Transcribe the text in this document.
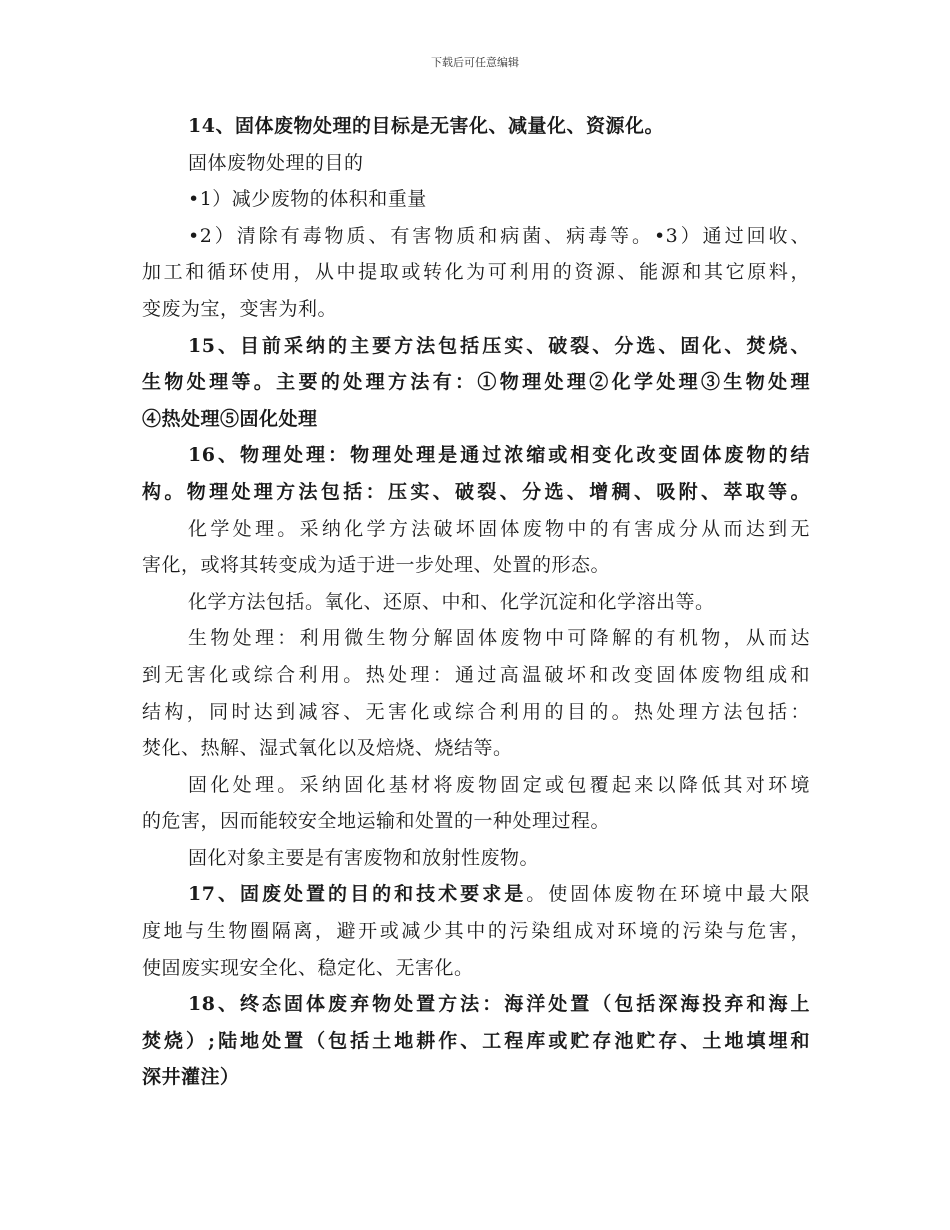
下载后可任意编辑
14、固体废物处理的目标是无害化、减量化、资源化。
固体废物处理的目的
•1）减少废物的体积和重量
•2）清除有毒物质、有害物质和病菌、病毒等。•3）通过回收、
加工和循环使用，从中提取或转化为可利用的资源、能源和其它原料，
变废为宝，变害为利。
15、目前采纳的主要方法包括压实、破裂、分选、固化、焚烧、
生物处理等。主要的处理方法有：①物理处理②化学处理③生物处理
④热处理⑤固化处理
16、物理处理：物理处理是通过浓缩或相变化改变固体废物的结
构。物理处理方法包括：压实、破裂、分选、增稠、吸附、萃取等。
化学处理。采纳化学方法破坏固体废物中的有害成分从而达到无
害化，或将其转变成为适于进一步处理、处置的形态。
化学方法包括。氧化、还原、中和、化学沉淀和化学溶出等。
生物处理：利用微生物分解固体废物中可降解的有机物，从而达
到无害化或综合利用。热处理：通过高温破坏和改变固体废物组成和
结构，同时达到减容、无害化或综合利用的目的。热处理方法包括：
焚化、热解、湿式氧化以及焙烧、烧结等。
固化处理。采纳固化基材将废物固定或包覆起来以降低其对环境
的危害，因而能较安全地运输和处置的一种处理过程。
固化对象主要是有害废物和放射性废物。
17、固废处置的目的和技术要求是。使固体废物在环境中最大限
度地与生物圈隔离，避开或减少其中的污染组成对环境的污染与危害，
使固废实现安全化、稳定化、无害化。
18、终态固体废弃物处置方法：海洋处置（包括深海投弃和海上
焚烧）;陆地处置（包括土地耕作、工程库或贮存池贮存、土地填埋和
深井灌注）
